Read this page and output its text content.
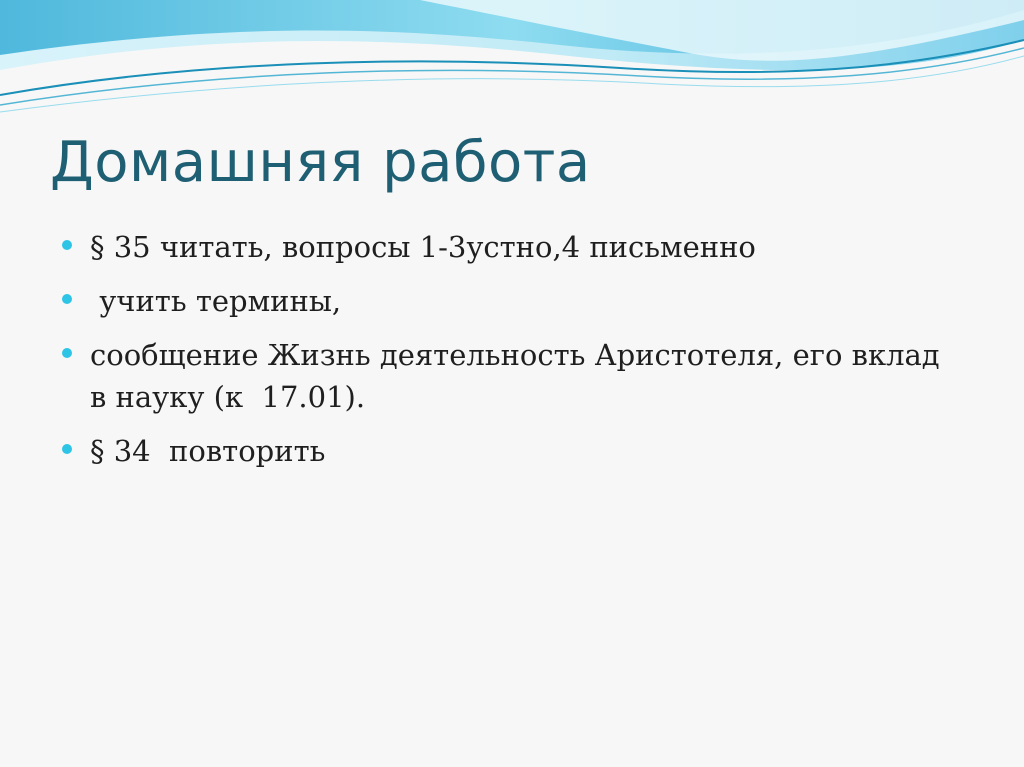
Домашняя работа
§ 35 читать, вопросы 1-3устно,4 письменно
учить термины,
сообщение Жизнь деятельность Аристотеля, его вклад в науку (к  17.01).
§ 34  повторить
